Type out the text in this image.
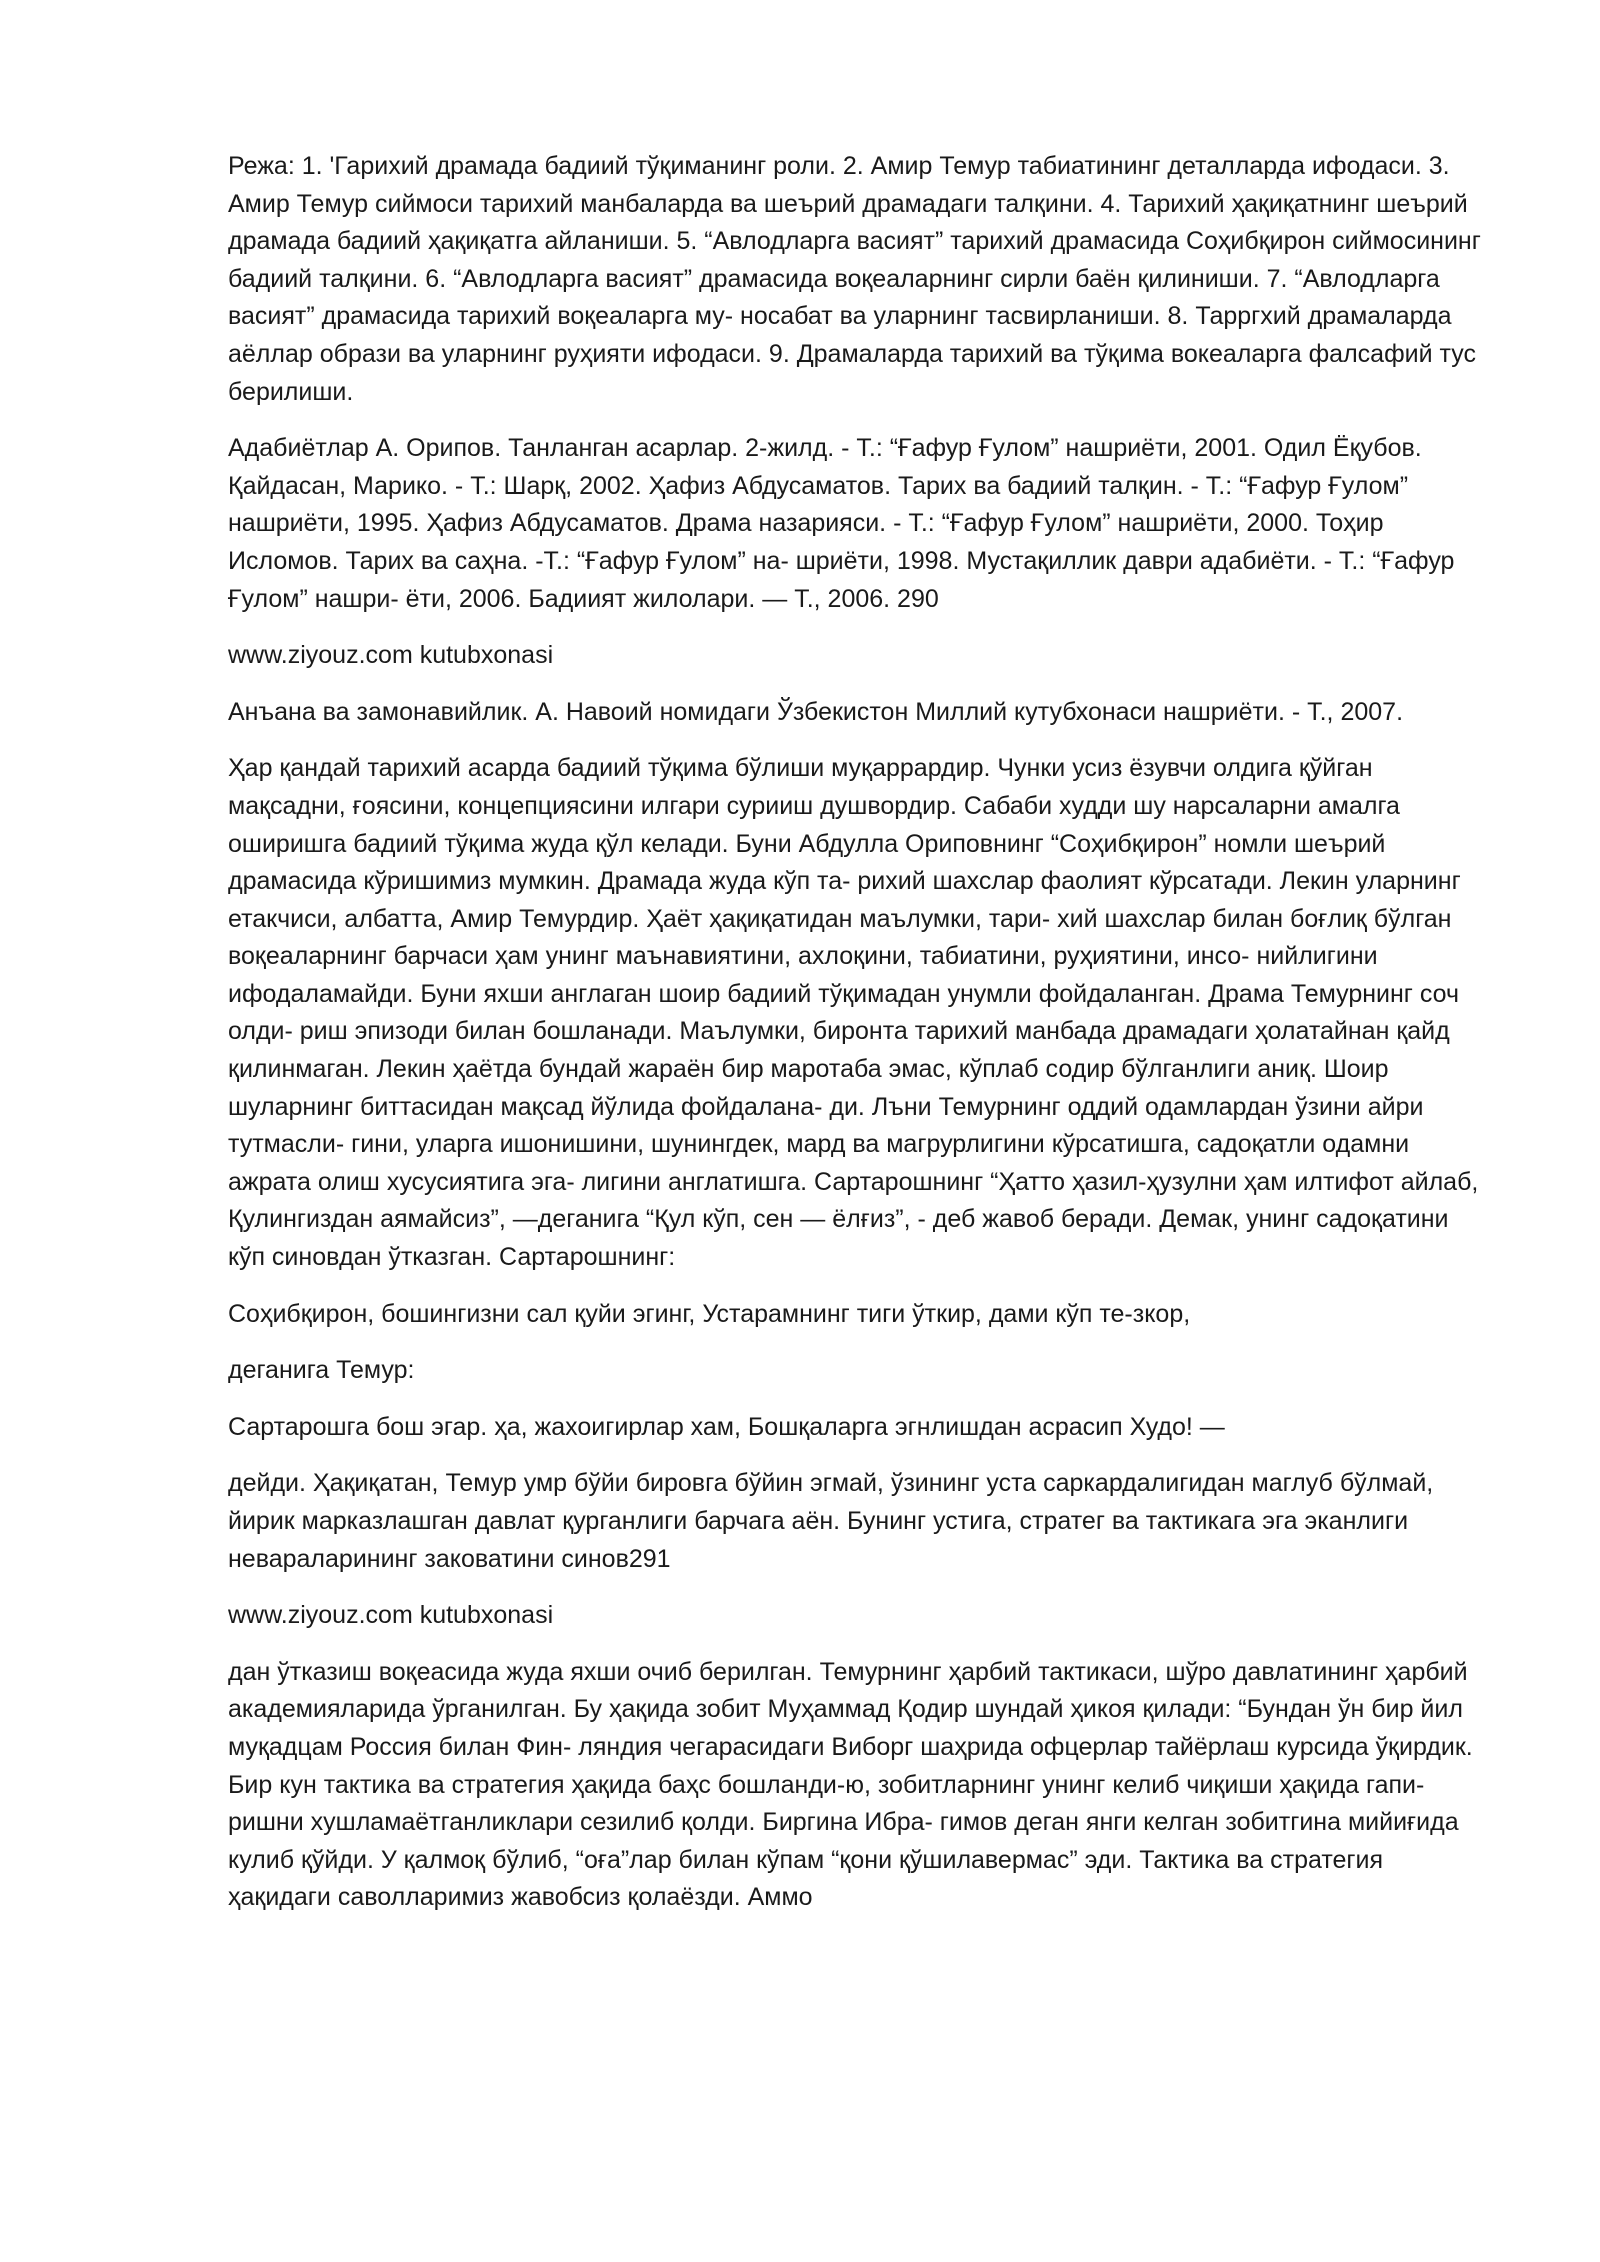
Режа: 1. 'Гарихий драмада бадиий тўқиманинг роли. 2. Амир Темур табиатининг деталларда ифодаси. 3. Амир Темур сиймоси тарихий манбаларда ва шеърий драмадаги талқини. 4. Тарихий ҳақиқатнинг шеърий драмада бадиий ҳақиқатга айланиши. 5. “Авлодларга васият” тарихий драмасида Соҳибқирон сиймосининг бадиий талқини. 6. “Авлодларга васият” драмасида воқеаларнинг сирли баён қилиниши. 7. “Авлодларга васият” драмасида тарихий воқеаларга му- носабат ва уларнинг тасвирланиши. 8. Тарргхий драмаларда аёллар образи ва уларнинг руҳияти ифодаси. 9. Драмаларда тарихий ва тўқима вокеаларга фалсафий тус берилиши.

Адабиётлар А. Орипов. Танланган асарлар. 2-жилд. - Т.: “Ғафур Ғулом” нашриёти, 2001. Одил Ёқубов. Қайдасан, Марико. - Т.: Шарқ, 2002. Ҳафиз Абдусаматов. Тарих ва бадиий талқин. - Т.: “Ғафур Ғулом” нашриёти, 1995. Ҳафиз Абдусаматов. Драма назарияси. - Т.: “Ғафур Ғулом” нашриёти, 2000. Тоҳир Исломов. Тарих ва саҳна. -Т.: “Ғафур Ғулом” на- шриёти, 1998. Мустақиллик даври адабиёти. - Т.: “Ғафур Ғулом” нашри- ёти, 2006. Бадиият жилолари. — Т., 2006. 290

www.ziyouz.com kutubxonasi

Анъана ва замонавийлик. А. Навоий номидаги Ўзбекистон Миллий кутубхонаси нашриёти. - Т., 2007.

Ҳар қандай тарихий асарда бадиий тўқима бўлиши муқаррардир. Чунки усиз ёзувчи олдига қўйган мақсадни, ғоясини, концепциясини илгари сурииш душвордир. Сабаби худди шу нарсаларни амалга оширишга бадиий тўқима жуда қўл келади. Буни Абдулла Ориповнинг “Соҳибқирон” номли шеърий драмасида кўришимиз мумкин. Драмада жуда кўп та- рихий шахслар фаолият кўрсатади. Лекин уларнинг етакчиси, албатта, Амир Темурдир. Ҳаёт ҳақиқатидан маълумки, тари- хий шахслар билан боғлиқ бўлган воқеаларнинг барчаси ҳам унинг маънавиятини, ахлоқини, табиатини, руҳиятини, инсо- нийлигини ифодаламайди. Буни яхши англаган шоир бадиий тўқимадан унумли фойдаланган. Драма Темурнинг соч олди- риш эпизоди билан бошланади. Маълумки, биронта тарихий манбада драмадаги ҳолатайнан қайд қилинмаган. Лекин ҳаётда бундай жараён бир маротаба эмас, кўплаб содир бўлганлиги аниқ. Шоир шуларнинг биттасидан мақсад йўлида фойдалана- ди. Лъни Темурнинг оддий одамлардан ўзини айри тутмасли- гини, уларга ишонишини, шунингдек, мард ва магрурлигини кўрсатишга, садоқатли одамни ажрата олиш хусусиятига эга- лигини англатишга. Сартарошнинг “Ҳатто ҳазил-ҳузулни ҳам илтифот айлаб, Қулингиздан аямайсиз”, —деганига “Қул кўп, сен — ёлғиз”, - деб жавоб беради. Демак, унинг садоқатини кўп синовдан ўтказган. Сартарошнинг:

Соҳибқирон, бошингизни сал қуйи эгинг, Устарамнинг тиги ўткир, дами кўп те-зкор,

деганига Темур:

Сартарошга бош эгар. ҳа, жахоигирлар хам, Бошқаларга эгнлишдан асрасип Худо! —

дейди. Ҳақиқатан, Темур умр бўйи бировга бўйин эгмай, ўзининг уста саркардалигидан маглуб бўлмай, йирик марказлашган давлат қурганлиги барчага аён. Бунинг устига, стратег ва тактикага эга эканлиги невараларининг заковатини синов291

www.ziyouz.com kutubxonasi

дан ўтказиш воқеасида жуда яхши очиб берилган. Темурнинг ҳарбий тактикаси, шўро давлатининг ҳарбий академияларида ўрганилган. Бу ҳақида зобит Муҳаммад Қодир шундай ҳикоя қилади: “Бундан ўн бир йил муқадцам Россия билан Фин- ляндия чегарасидаги Виборг шаҳрида офцерлар тайёрлаш курсида ўқирдик. Бир кун тактика ва стратегия ҳақида баҳс бошланди-ю, зобитларнинг унинг келиб чиқиши ҳақида гапи- ришни хушламаётганликлари сезилиб қолди. Биргина Ибра- гимов деган янги келган зобитгина мийиғида кулиб қўйди. У қалмоқ бўлиб, “оға”лар билан кўпам “қони қўшилавермас” эди. Тактика ва стратегия ҳақидаги саволларимиз жавобсиз қолаёзди. Аммо
